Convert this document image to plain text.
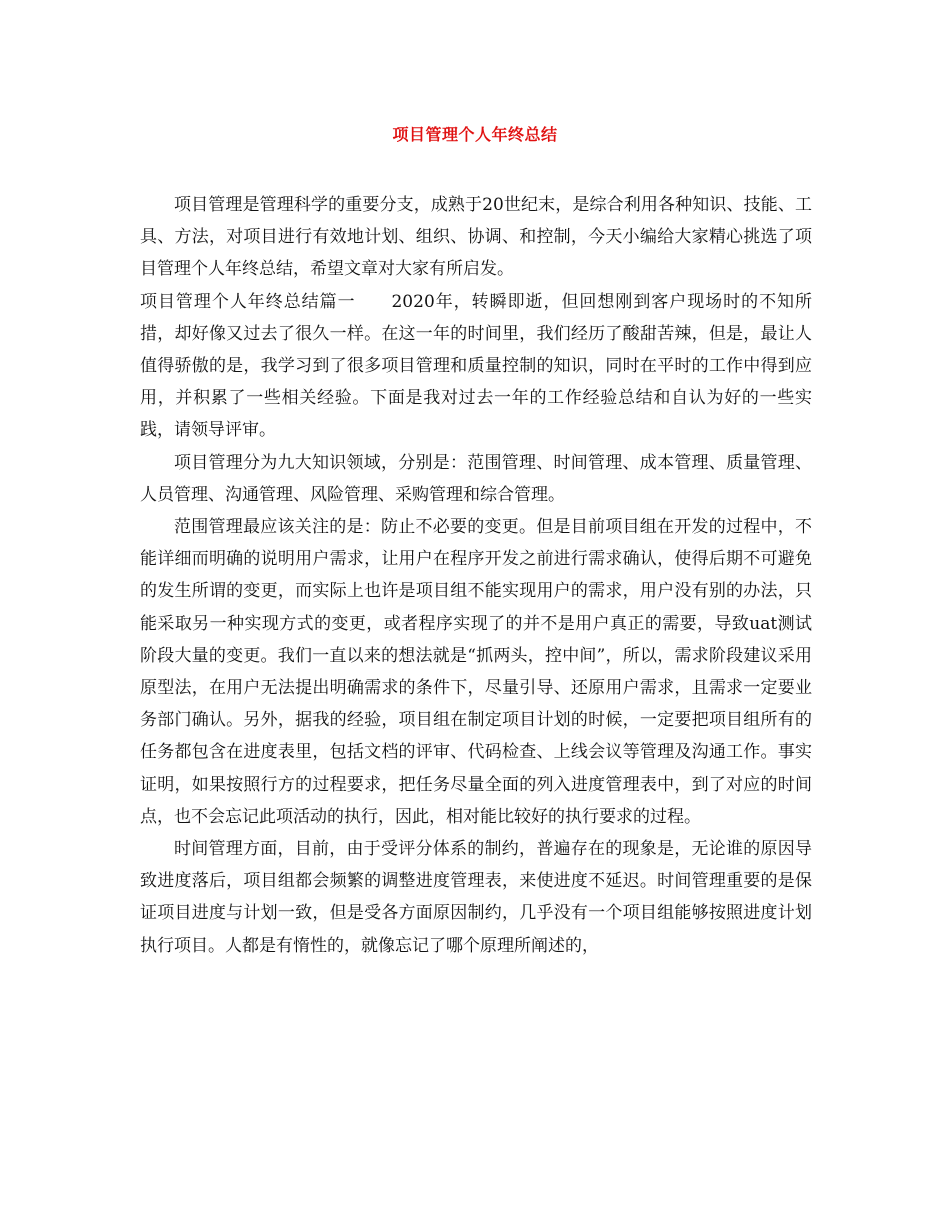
项目管理个人年终总结

项目管理是管理科学的重要分支，成熟于20世纪末，是综合利用各种知识、技能、工具、方法，对项目进行有效地计划、组织、协调、和控制，今天小编给大家精心挑选了项目管理个人年终总结，希望文章对大家有所启发。

项目管理个人年终总结篇一　　2020年，转瞬即逝，但回想刚到客户现场时的不知所措，却好像又过去了很久一样。在这一年的时间里，我们经历了酸甜苦辣，但是，最让人值得骄傲的是，我学习到了很多项目管理和质量控制的知识，同时在平时的工作中得到应用，并积累了一些相关经验。下面是我对过去一年的工作经验总结和自认为好的一些实践，请领导评审。

项目管理分为九大知识领域，分别是：范围管理、时间管理、成本管理、质量管理、人员管理、沟通管理、风险管理、采购管理和综合管理。

范围管理最应该关注的是：防止不必要的变更。但是目前项目组在开发的过程中，不能详细而明确的说明用户需求，让用户在程序开发之前进行需求确认，使得后期不可避免的发生所谓的变更，而实际上也许是项目组不能实现用户的需求，用户没有别的办法，只能采取另一种实现方式的变更，或者程序实现了的并不是用户真正的需要，导致uat测试阶段大量的变更。我们一直以来的想法就是“抓两头，控中间”，所以，需求阶段建议采用原型法，在用户无法提出明确需求的条件下，尽量引导、还原用户需求，且需求一定要业务部门确认。另外，据我的经验，项目组在制定项目计划的时候，一定要把项目组所有的任务都包含在进度表里，包括文档的评审、代码检查、上线会议等管理及沟通工作。事实证明，如果按照行方的过程要求，把任务尽量全面的列入进度管理表中，到了对应的时间点，也不会忘记此项活动的执行，因此，相对能比较好的执行要求的过程。

时间管理方面，目前，由于受评分体系的制约，普遍存在的现象是，无论谁的原因导致进度落后，项目组都会频繁的调整进度管理表，来使进度不延迟。时间管理重要的是保证项目进度与计划一致，但是受各方面原因制约，几乎没有一个项目组能够按照进度计划执行项目。人都是有惰性的，就像忘记了哪个原理所阐述的，
